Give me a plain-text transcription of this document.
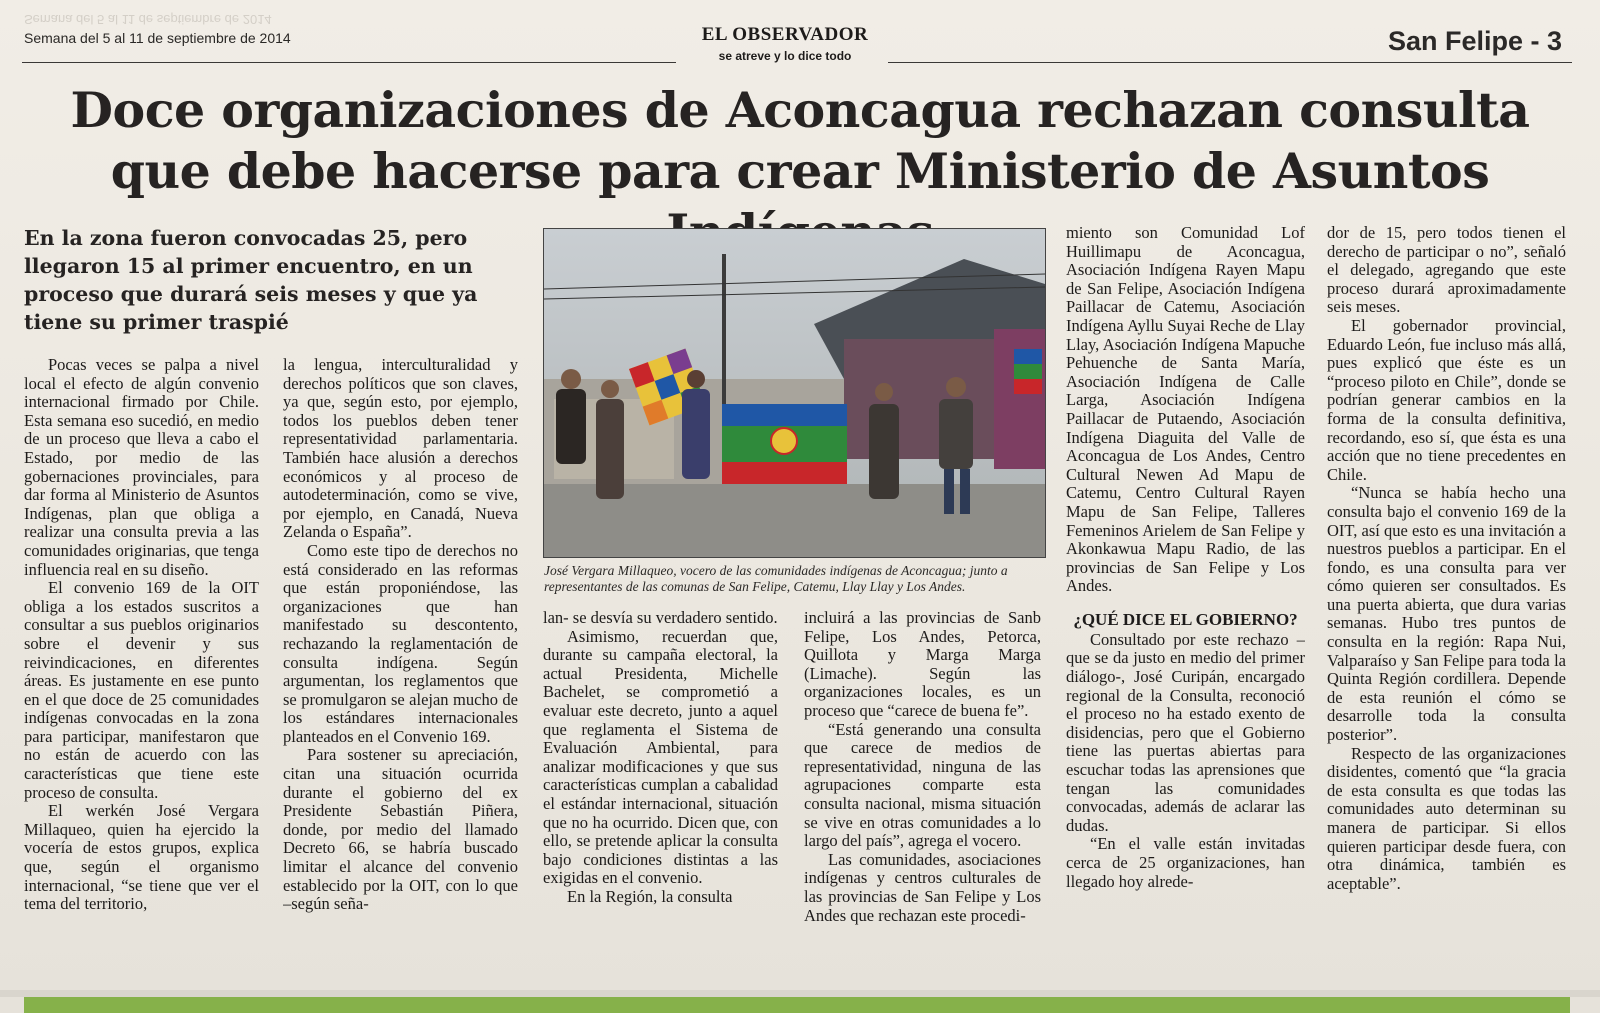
Semana del 5 al 11 de septiembre de 2014
Semana del 5 al 11 de septiembre de 2014	EL OBSERVADOR
se atreve y lo dice todo	San Felipe - 3
Doce organizaciones de Aconcagua rechazan consulta que debe hacerse para crear Ministerio de Asuntos
En la zona fueron convocadas 25, pero llegaron 15 al primer encuentro, en un proceso que durará seis meses y que ya tiene su primer traspié

Pocas veces se palpa a nivel local el efecto de algún convenio internacional firmado por Chile. Esta semana eso sucedió, en medio de un proceso que lleva a cabo el Estado, por medio de las gobernaciones provinciales, para dar forma al Ministerio de Asuntos Indígenas, plan que obliga a realizar una consulta previa a las comunidades originarias, que tenga influencia real en su diseño.

El convenio 169 de la OIT obliga a los estados suscritos a consultar a sus pueblos originarios sobre el devenir y sus reivindicaciones, en diferentes áreas. Es justamente en ese punto en el que doce de 25 comunidades indígenas convocadas en la zona para participar, manifestaron que no están de acuerdo con las características que tiene este proceso de consulta.

El werkén José Vergara Millaqueo, quien ha ejercido la vocería de estos grupos, explica que, según el organismo internacional, “se tiene que ver el tema del territorio,

la lengua, interculturalidad y derechos políticos que son claves, ya que, según esto, por ejemplo, todos los pueblos deben tener representatividad parlamentaria. También hace alusión a derechos económicos y al proceso de autodeterminación, como se vive, por ejemplo, en Canadá, Nueva Zelanda o España”.

Como este tipo de derechos no está considerado en las reformas que están proponiéndose, las organizaciones que han manifestado su descontento, rechazando la reglamentación de consulta indígena. Según argumentan, los reglamentos que se promulgaron se alejan mucho de los estándares internacionales planteados en el Convenio 169.

Para sostener su apreciación, citan una situación ocurrida durante el gobierno del ex Presidente Sebastián Piñera, donde, por medio del llamado Decreto 66, se habría buscado limitar el alcance del convenio establecido por la OIT, con lo que –según seña-

José Vergara Millaqueo, vocero de las comunidades indígenas de Aconcagua; junto a representantes de las comunas de San Felipe, Catemu, Llay Llay y Los Andes.

lan- se desvía su verdadero sentido.

Asimismo, recuerdan que, durante su campaña electoral, la actual Presidenta, Michelle Bachelet, se comprometió a evaluar este decreto, junto a aquel que reglamenta el Sistema de Evaluación Ambiental, para analizar modificaciones y que sus características cumplan a cabalidad el estándar internacional, situación que no ha ocurrido. Dicen que, con ello, se pretende aplicar la consulta bajo condiciones distintas a las exigidas en el convenio.

En la Región, la consulta

incluirá a las provincias de Sanb Felipe, Los Andes, Petorca, Quillota y Marga Marga (Limache). Según las organizaciones locales, es un proceso que “carece de buena fe”.

“Está generando una consulta que carece de medios de representatividad, ninguna de las agrupaciones comparte esta consulta nacional, misma situación se vive en otras comunidades a lo largo del país”, agrega el vocero.

Las comunidades, asociaciones indígenas y centros culturales de las provincias de San Felipe y Los Andes que rechazan este procedi-

miento son Comunidad Lof Huillimapu de Aconcagua, Asociación Indígena Rayen Mapu de San Felipe, Asociación Indígena Paillacar de Catemu, Asociación Indígena Ayllu Suyai Reche de Llay Llay, Asociación Indígena Mapuche Pehuenche de Santa María, Asociación Indígena de Calle Larga, Asociación Indígena Paillacar de Putaendo, Asociación Indígena Diaguita del Valle de Aconcagua de Los Andes, Centro Cultural Newen Ad Mapu de Catemu, Centro Cultural Rayen Mapu de San Felipe, Talleres Femeninos Arielem de San Felipe y Akonkawua Mapu Radio, de las provincias de San Felipe y Los Andes.

¿QUÉ DICE EL GOBIERNO?

Consultado por este rechazo –que se da justo en medio del primer diálogo-, José Curipán, encargado regional de la Consulta, reconoció el proceso no ha estado exento de disidencias, pero que el Gobierno tiene las puertas abiertas para escuchar todas las aprensiones que tengan las comunidades convocadas, además de aclarar las dudas.

“En el valle están invitadas cerca de 25 organizaciones, han llegado hoy alrede-

dor de 15, pero todos tienen el derecho de participar o no”, señaló el delegado, agregando que este proceso durará aproximadamente seis meses.

El gobernador provincial, Eduardo León, fue incluso más allá, pues explicó que éste es un “proceso piloto en Chile”, donde se podrían generar cambios en la forma de la consulta definitiva, recordando, eso sí, que ésta es una acción que no tiene precedentes en Chile.

“Nunca se había hecho una consulta bajo el convenio 169 de la OIT, así que esto es una invitación a nuestros pueblos a participar. En el fondo, es una consulta para ver cómo quieren ser consultados. Es una puerta abierta, que dura varias semanas. Hubo tres puntos de consulta en la región: Rapa Nui, Valparaíso y San Felipe para toda la Quinta Región cordillera. Depende de esta reunión el cómo se desarrolle toda la consulta posterior”.

Respecto de las organizaciones disidentes, comentó que “la gracia de esta consulta es que todas las comunidades auto determinan su manera de participar. Si ellos quieren participar desde fuera, con otra dinámica, también es aceptable”.
